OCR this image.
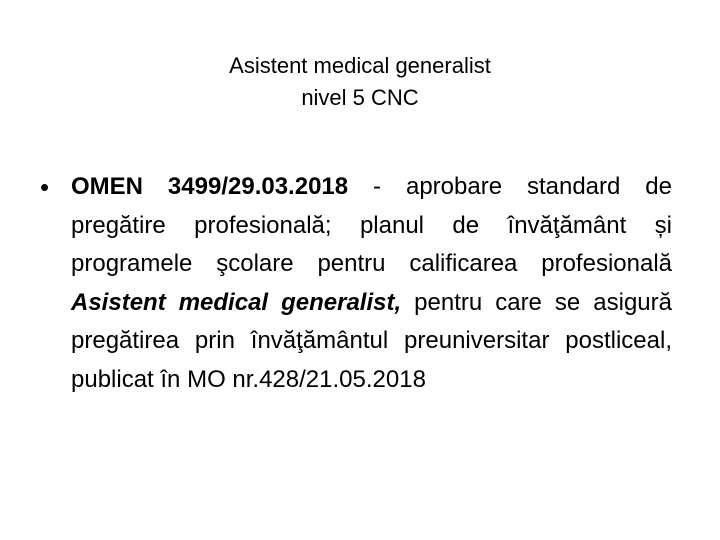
Asistent medical generalist
nivel 5 CNC
• OMEN 3499/29.03.2018 - aprobare standard de pregătire profesională; planul de învăţământ și programele şcolare pentru calificarea profesională Asistent medical generalist, pentru care se asigură pregătirea prin învăţământul preuniversitar postliceal, publicat în MO nr.428/21.05.2018
